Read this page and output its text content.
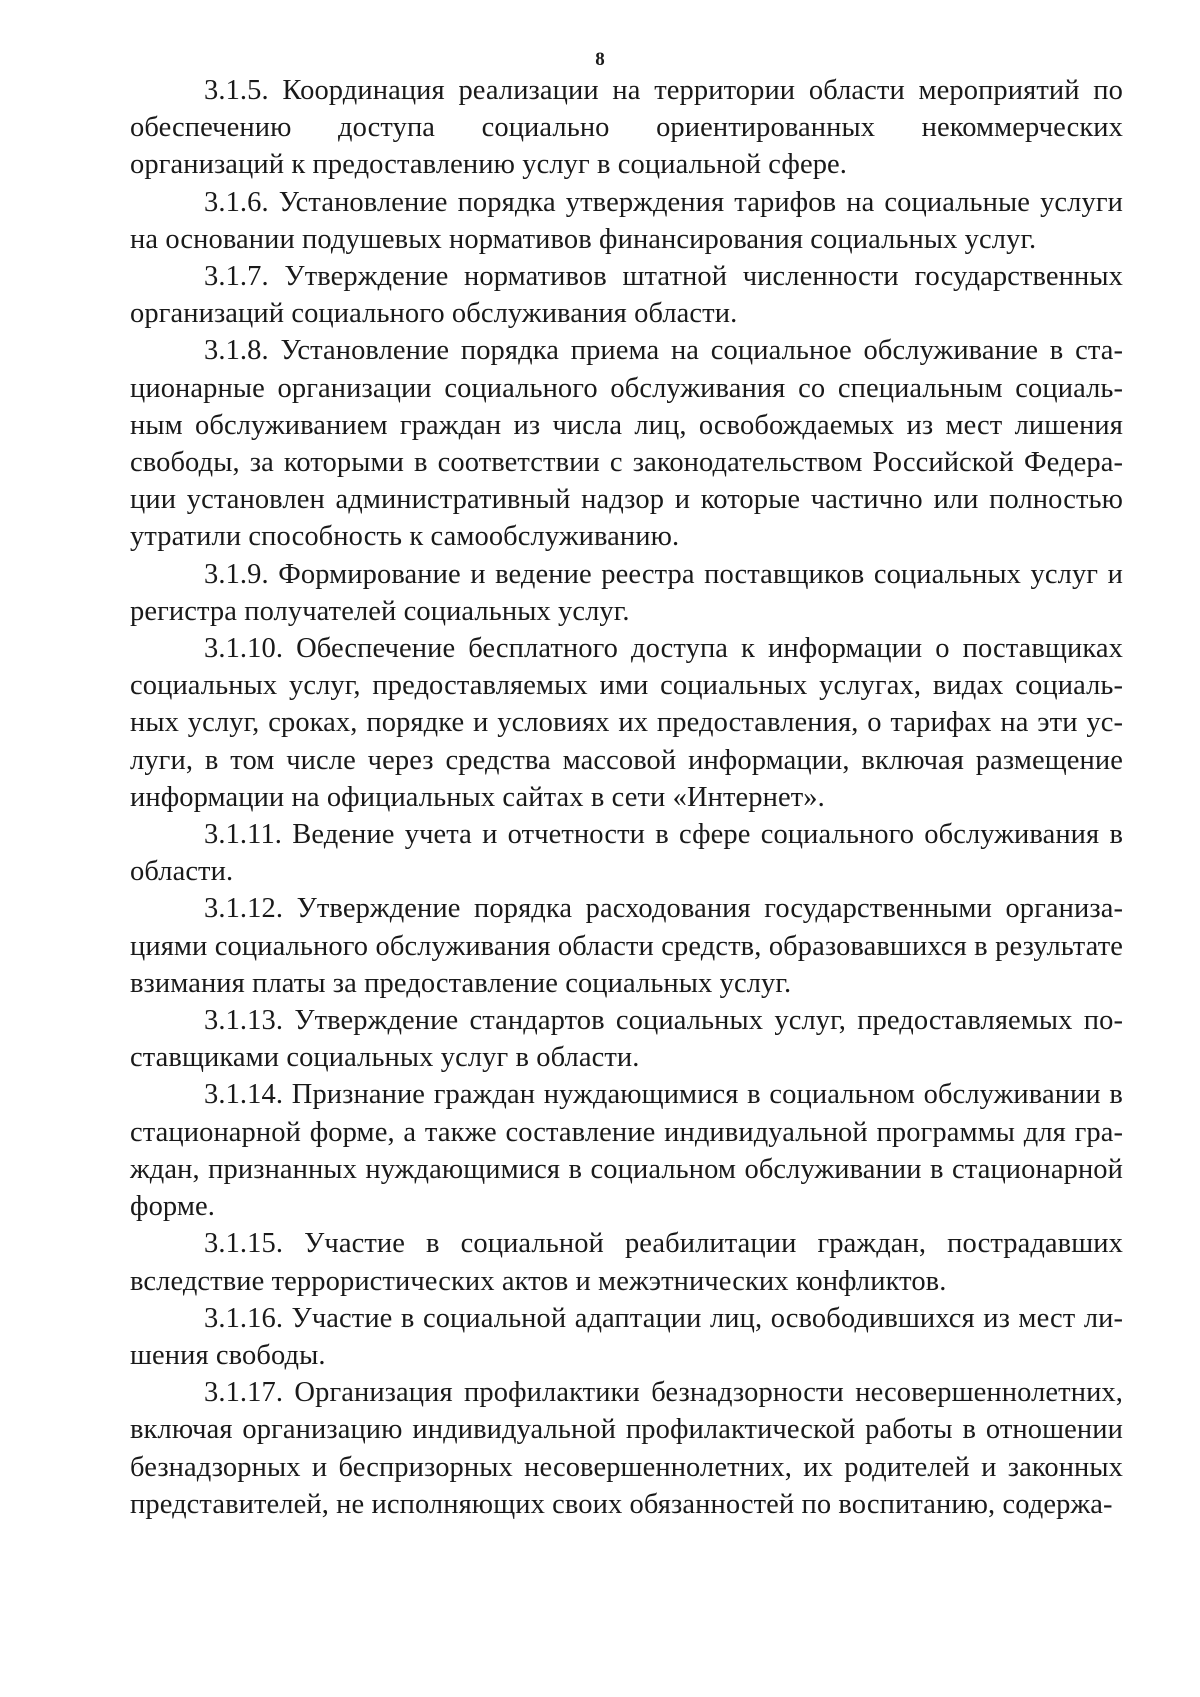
8

3.1.5. Координация реализации на территории области мероприятий по обеспечению доступа социально ориентированных некоммерческих организаций к предоставлению услуг в социальной сфере.

3.1.6. Установление порядка утверждения тарифов на социальные услуги на основании подушевых нормативов финансирования социальных услуг.

3.1.7. Утверждение нормативов штатной численности государственных организаций социального обслуживания области.

3.1.8. Установление порядка приема на социальное обслуживание в стационарные организации социального обслуживания со специальным социальным обслуживанием граждан из числа лиц, освобождаемых из мест лишения свободы, за которыми в соответствии с законодательством Российской Федерации установлен административный надзор и которые частично или полностью утратили способность к самообслуживанию.

3.1.9. Формирование и ведение реестра поставщиков социальных услуг и регистра получателей социальных услуг.

3.1.10. Обеспечение бесплатного доступа к информации о поставщиках социальных услуг, предоставляемых ими социальных услугах, видах социальных услуг, сроках, порядке и условиях их предоставления, о тарифах на эти услуги, в том числе через средства массовой информации, включая размещение информации на официальных сайтах в сети «Интернет».

3.1.11. Ведение учета и отчетности в сфере социального обслуживания в области.

3.1.12. Утверждение порядка расходования государственными организациями социального обслуживания области средств, образовавшихся в результате взимания платы за предоставление социальных услуг.

3.1.13. Утверждение стандартов социальных услуг, предоставляемых поставщиками социальных услуг в области.

3.1.14. Признание граждан нуждающимися в социальном обслуживании в стационарной форме, а также составление индивидуальной программы для граждан, признанных нуждающимися в социальном обслуживании в стационарной форме.

3.1.15. Участие в социальной реабилитации граждан, пострадавших вследствие террористических актов и межэтнических конфликтов.

3.1.16. Участие в социальной адаптации лиц, освободившихся из мест лишения свободы.

3.1.17. Организация профилактики безнадзорности несовершеннолетних, включая организацию индивидуальной профилактической работы в отношении безнадзорных и беспризорных несовершеннолетних, их родителей и законных представителей, не исполняющих своих обязанностей по воспитанию, содержа-
